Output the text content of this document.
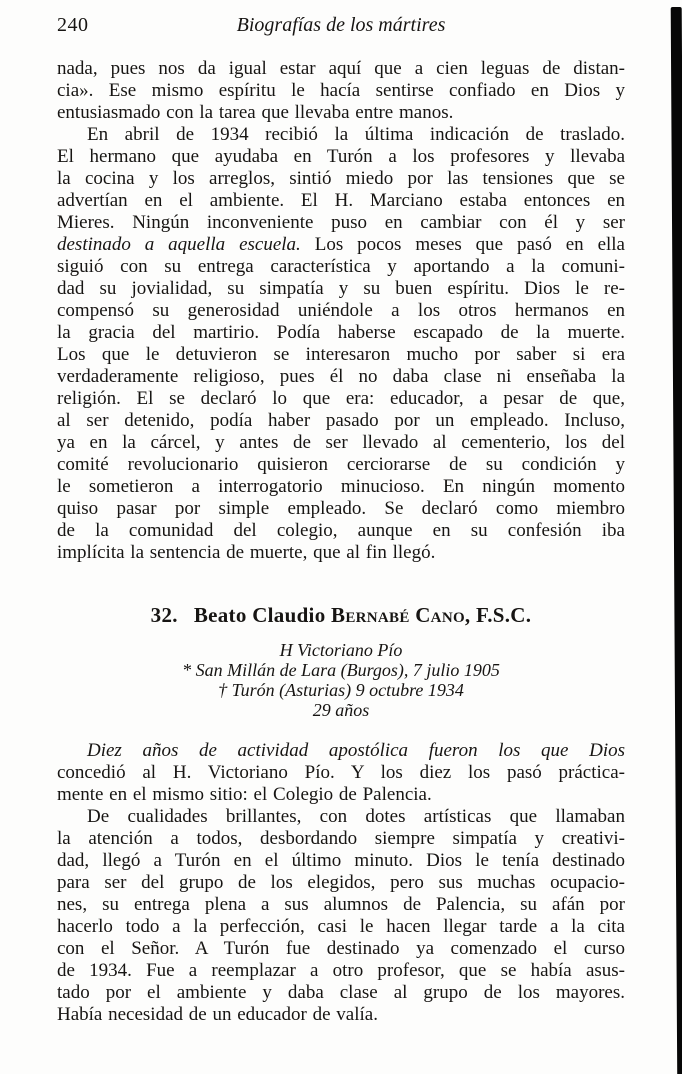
240	Biografías de los mártires
nada, pues nos da igual estar aquí que a cien leguas de distan-
cia». Ese mismo espíritu le hacía sentirse confiado en Dios y
entusiasmado con la tarea que llevaba entre manos.
En abril de 1934 recibió la última indicación de traslado.
El hermano que ayudaba en Turón a los profesores y llevaba
la cocina y los arreglos, sintió miedo por las tensiones que se
advertían en el ambiente. El H. Marciano estaba entonces en
Mieres. Ningún inconveniente puso en cambiar con él y ser
destinado a aquella escuela. Los pocos meses que pasó en ella
siguió con su entrega característica y aportando a la comuni-
dad su jovialidad, su simpatía y su buen espíritu. Dios le re-
compensó su generosidad uniéndole a los otros hermanos en
la gracia del martirio. Podía haberse escapado de la muerte.
Los que le detuvieron se interesaron mucho por saber si era
verdaderamente religioso, pues él no daba clase ni enseñaba la
religión. El se declaró lo que era: educador, a pesar de que,
al ser detenido, podía haber pasado por un empleado. Incluso,
ya en la cárcel, y antes de ser llevado al cementerio, los del
comité revolucionario quisieron cerciorarse de su condición y
le sometieron a interrogatorio minucioso. En ningún momento
quiso pasar por simple empleado. Se declaró como miembro
de la comunidad del colegio, aunque en su confesión iba
implícita la sentencia de muerte, que al fin llegó.
32. Beato Claudio Bernabé Cano, F.S.C.
H Victoriano Pío
* San Millán de Lara (Burgos), 7 julio 1905
† Turón (Asturias) 9 octubre 1934
29 años
Diez años de actividad apostólica fueron los que Dios
concedió al H. Victoriano Pío. Y los diez los pasó práctica-
mente en el mismo sitio: el Colegio de Palencia.
De cualidades brillantes, con dotes artísticas que llamaban
la atención a todos, desbordando siempre simpatía y creativi-
dad, llegó a Turón en el último minuto. Dios le tenía destinado
para ser del grupo de los elegidos, pero sus muchas ocupacio-
nes, su entrega plena a sus alumnos de Palencia, su afán por
hacerlo todo a la perfección, casi le hacen llegar tarde a la cita
con el Señor. A Turón fue destinado ya comenzado el curso
de 1934. Fue a reemplazar a otro profesor, que se había asus-
tado por el ambiente y daba clase al grupo de los mayores.
Había necesidad de un educador de valía.
